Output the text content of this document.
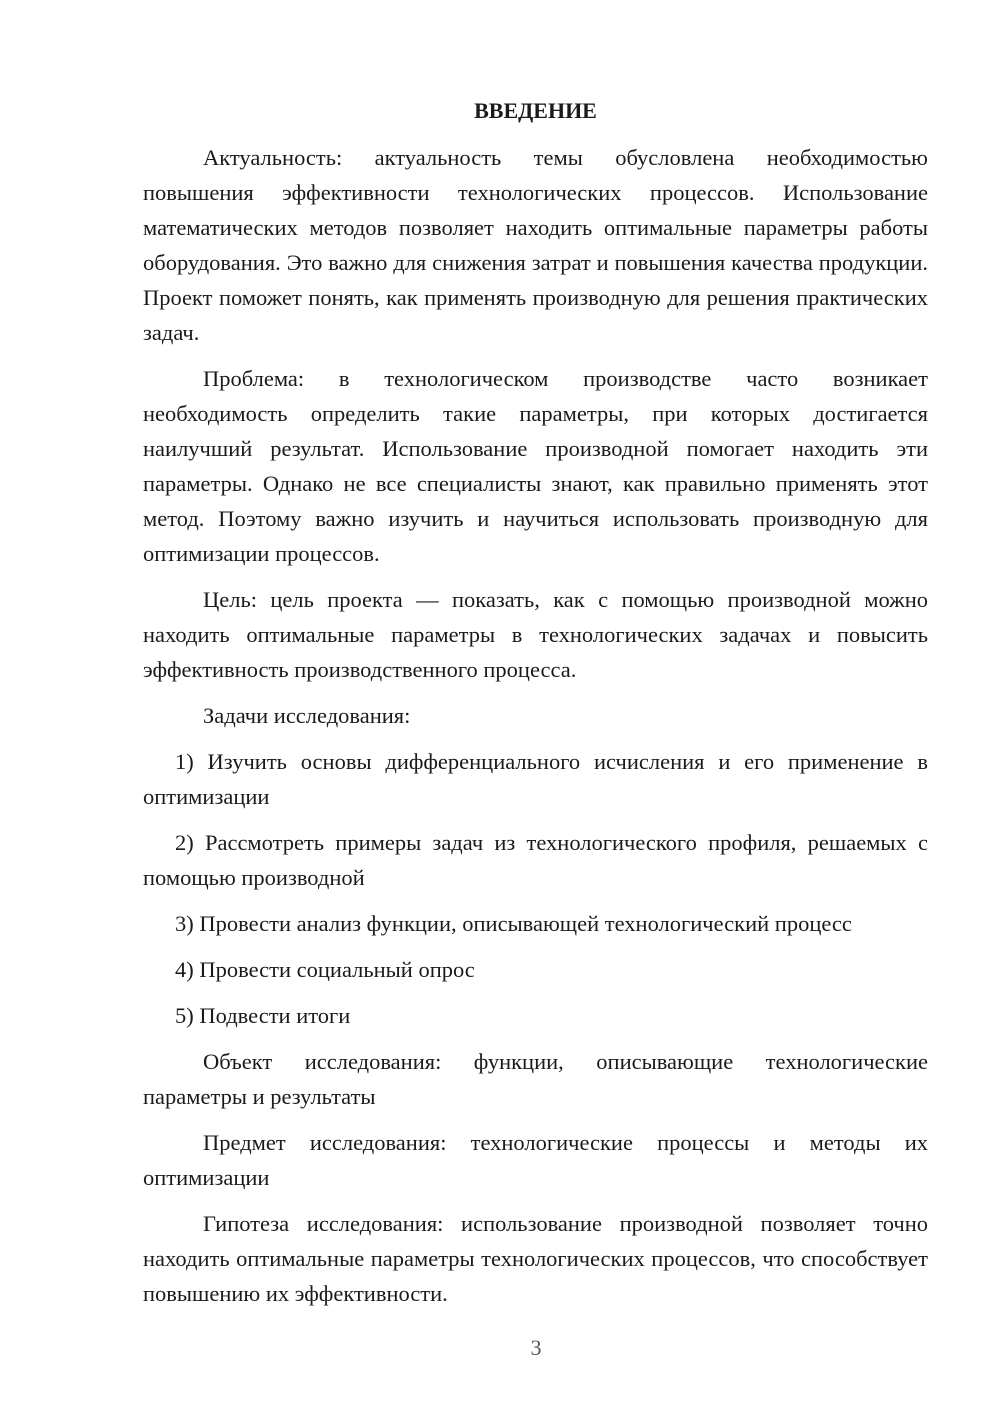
ВВЕДЕНИЕ

Актуальность: актуальность темы обусловлена необходимостью повышения эффективности технологических процессов. Использование математических методов позволяет находить оптимальные параметры работы оборудования. Это важно для снижения затрат и повышения качества продукции. Проект поможет понять, как применять производную для решения практических задач.

Проблема: в технологическом производстве часто возникает необходимость определить такие параметры, при которых достигается наилучший результат. Использование производной помогает находить эти параметры. Однако не все специалисты знают, как правильно применять этот метод. Поэтому важно изучить и научиться использовать производную для оптимизации процессов.

Цель: цель проекта — показать, как с помощью производной можно находить оптимальные параметры в технологических задачах и повысить эффективность производственного процесса.

Задачи исследования:

1) Изучить основы дифференциального исчисления и его применение в оптимизации

2) Рассмотреть примеры задач из технологического профиля, решаемых с помощью производной

3) Провести анализ функции, описывающей технологический процесс

4) Провести социальный опрос

5) Подвести итоги

Объект исследования: функции, описывающие технологические параметры и результаты

Предмет исследования: технологические процессы и методы их оптимизации

Гипотеза исследования: использование производной позволяет точно находить оптимальные параметры технологических процессов, что способствует повышению их эффективности.

3
